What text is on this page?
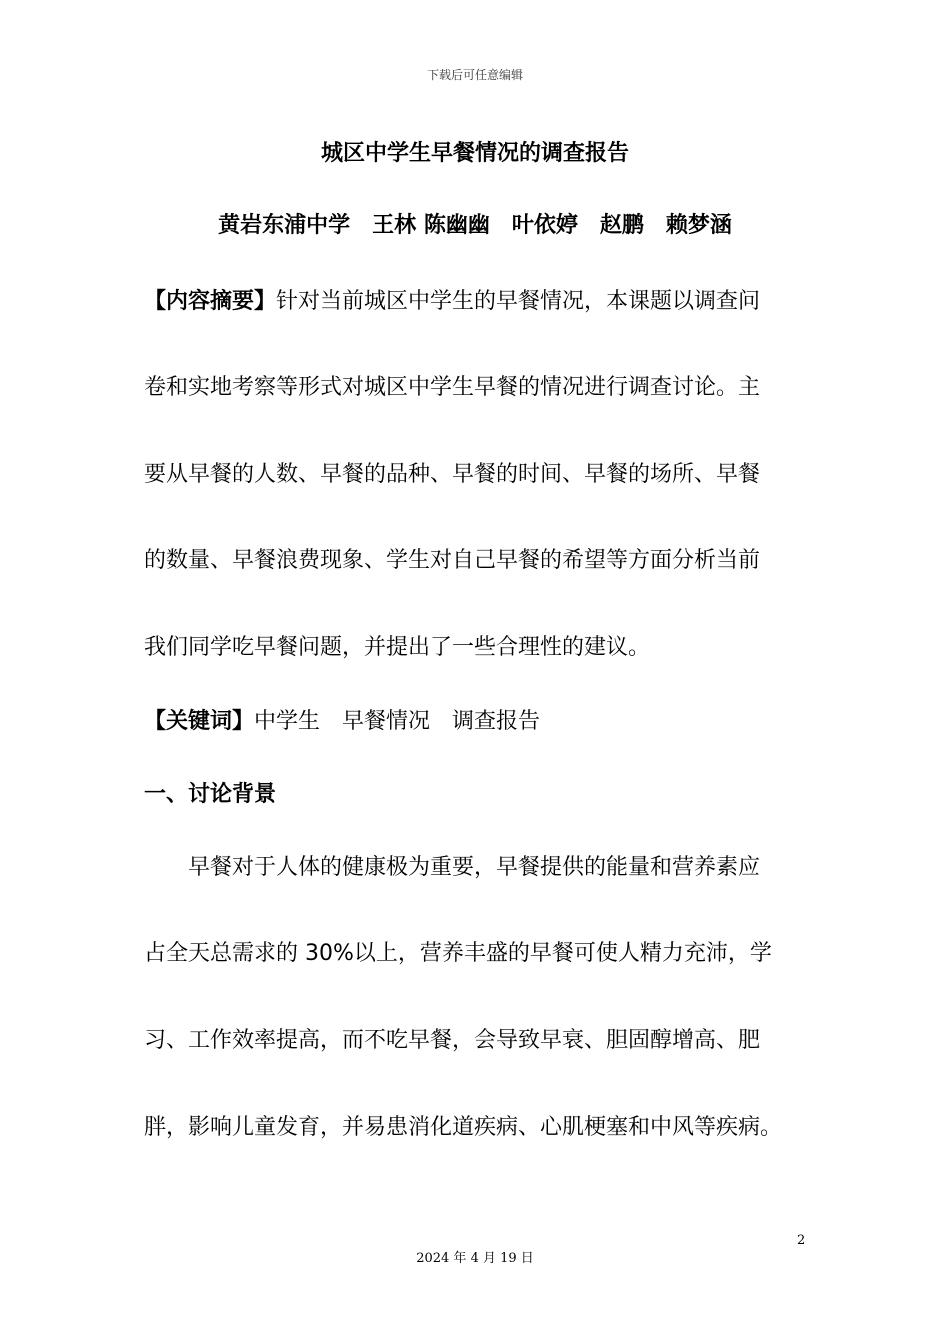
下载后可任意编辑
城区中学生早餐情况的调查报告
黄岩东浦中学　王林 陈幽幽　叶依婷　赵鹏　赖梦涵
【内容摘要】针对当前城区中学生的早餐情况，本课题以调查问
卷和实地考察等形式对城区中学生早餐的情况进行调查讨论。主
要从早餐的人数、早餐的品种、早餐的时间、早餐的场所、早餐
的数量、早餐浪费现象、学生对自己早餐的希望等方面分析当前
我们同学吃早餐问题，并提出了一些合理性的建议。
【关键词】中学生　早餐情况　调查报告
一、讨论背景
　　早餐对于人体的健康极为重要，早餐提供的能量和营养素应
占全天总需求的 30%以上，营养丰盛的早餐可使人精力充沛，学
习、工作效率提高，而不吃早餐，会导致早衰、胆固醇增高、肥
胖，影响儿童发育，并易患消化道疾病、心肌梗塞和中风等疾病。
2
2024 年 4 月 19 日
